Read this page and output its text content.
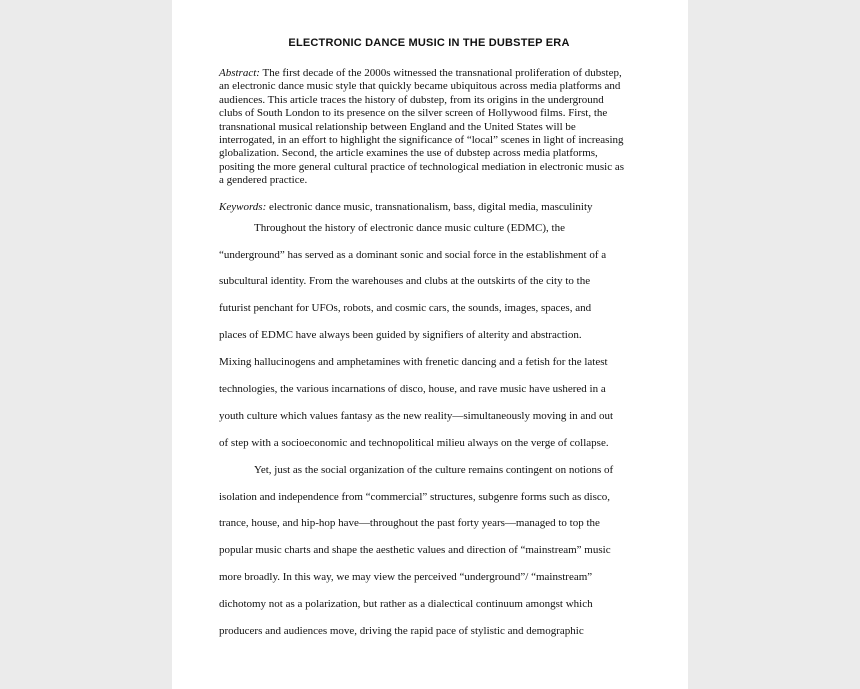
ELECTRONIC DANCE MUSIC IN THE DUBSTEP ERA
Abstract: The first decade of the 2000s witnessed the transnational proliferation of dubstep, an electronic dance music style that quickly became ubiquitous across media platforms and audiences. This article traces the history of dubstep, from its origins in the underground clubs of South London to its presence on the silver screen of Hollywood films. First, the transnational musical relationship between England and the United States will be interrogated, in an effort to highlight the significance of “local” scenes in light of increasing globalization. Second, the article examines the use of dubstep across media platforms, positing the more general cultural practice of technological mediation in electronic music as a gendered practice.
Keywords: electronic dance music, transnationalism, bass, digital media, masculinity
Throughout the history of electronic dance music culture (EDMC), the
“underground” has served as a dominant sonic and social force in the establishment of a
subcultural identity. From the warehouses and clubs at the outskirts of the city to the
futurist penchant for UFOs, robots, and cosmic cars, the sounds, images, spaces, and
places of EDMC have always been guided by signifiers of alterity and abstraction.
Mixing hallucinogens and amphetamines with frenetic dancing and a fetish for the latest
technologies, the various incarnations of disco, house, and rave music have ushered in a
youth culture which values fantasy as the new reality—simultaneously moving in and out
of step with a socioeconomic and technopolitical milieu always on the verge of collapse.
Yet, just as the social organization of the culture remains contingent on notions of
isolation and independence from “commercial” structures, subgenre forms such as disco,
trance, house, and hip-hop have—throughout the past forty years—managed to top the
popular music charts and shape the aesthetic values and direction of “mainstream” music
more broadly. In this way, we may view the perceived “underground”/ “mainstream”
dichotomy not as a polarization, but rather as a dialectical continuum amongst which
producers and audiences move, driving the rapid pace of stylistic and demographic
